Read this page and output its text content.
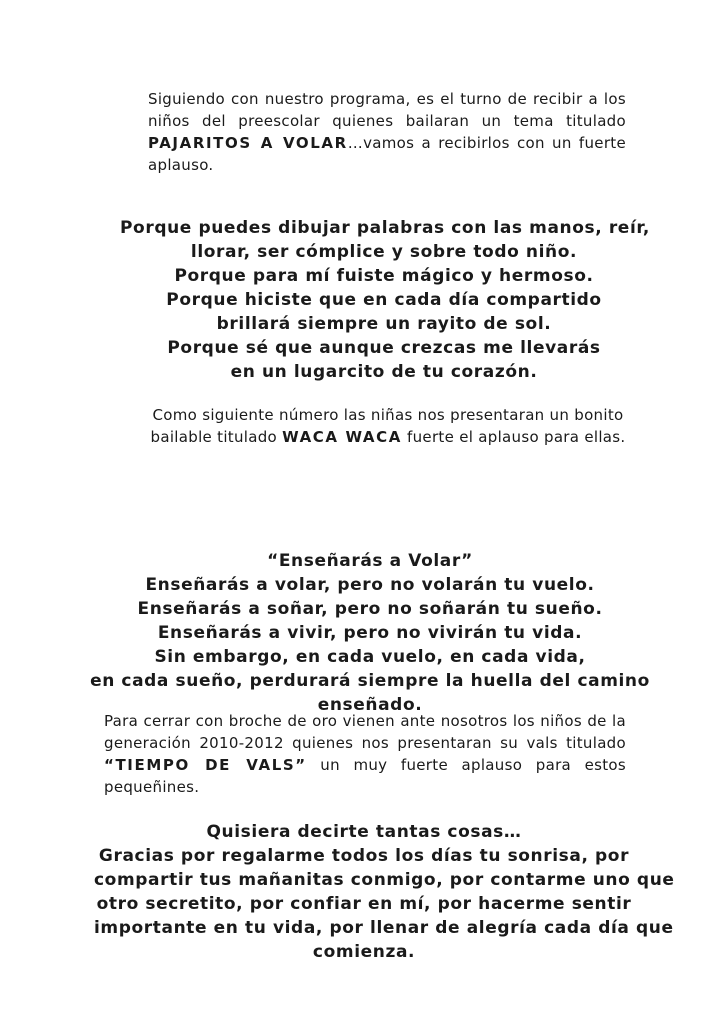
Siguiendo con nuestro programa, es el turno de recibir a los
niños del preescolar quienes bailaran un tema titulado
PAJARITOS A VOLAR…vamos a recibirlos con un fuerte
aplauso.
Porque puedes dibujar palabras con las manos, reír,
llorar, ser cómplice y sobre todo niño.
Porque para mí fuiste mágico y hermoso.
Porque hiciste que en cada día compartido
brillará siempre un rayito de sol.
Porque sé que aunque crezcas me llevarás
en un lugarcito de tu corazón.
Como siguiente número las niñas nos presentaran un bonito
bailable titulado WACA WACA fuerte el aplauso para ellas.
“Enseñarás a Volar”
Enseñarás a volar, pero no volarán tu vuelo.
Enseñarás a soñar, pero no soñarán tu sueño.
Enseñarás a vivir, pero no vivirán tu vida.
Sin embargo, en cada vuelo, en cada vida,
en cada sueño, perdurará siempre la huella del camino
enseñado.
Para cerrar con broche de oro vienen ante nosotros los niños de la
generación 2010-2012 quienes nos presentaran su vals titulado
“TIEMPO DE VALS” un muy fuerte aplauso para estos pequeñines.
Quisiera decirte tantas cosas…
Gracias por regalarme todos los días tu sonrisa, por
compartir tus mañanitas conmigo, por contarme uno que
otro secretito, por confiar en mí, por hacerme sentir
importante en tu vida, por llenar de alegría cada día que
comienza.
